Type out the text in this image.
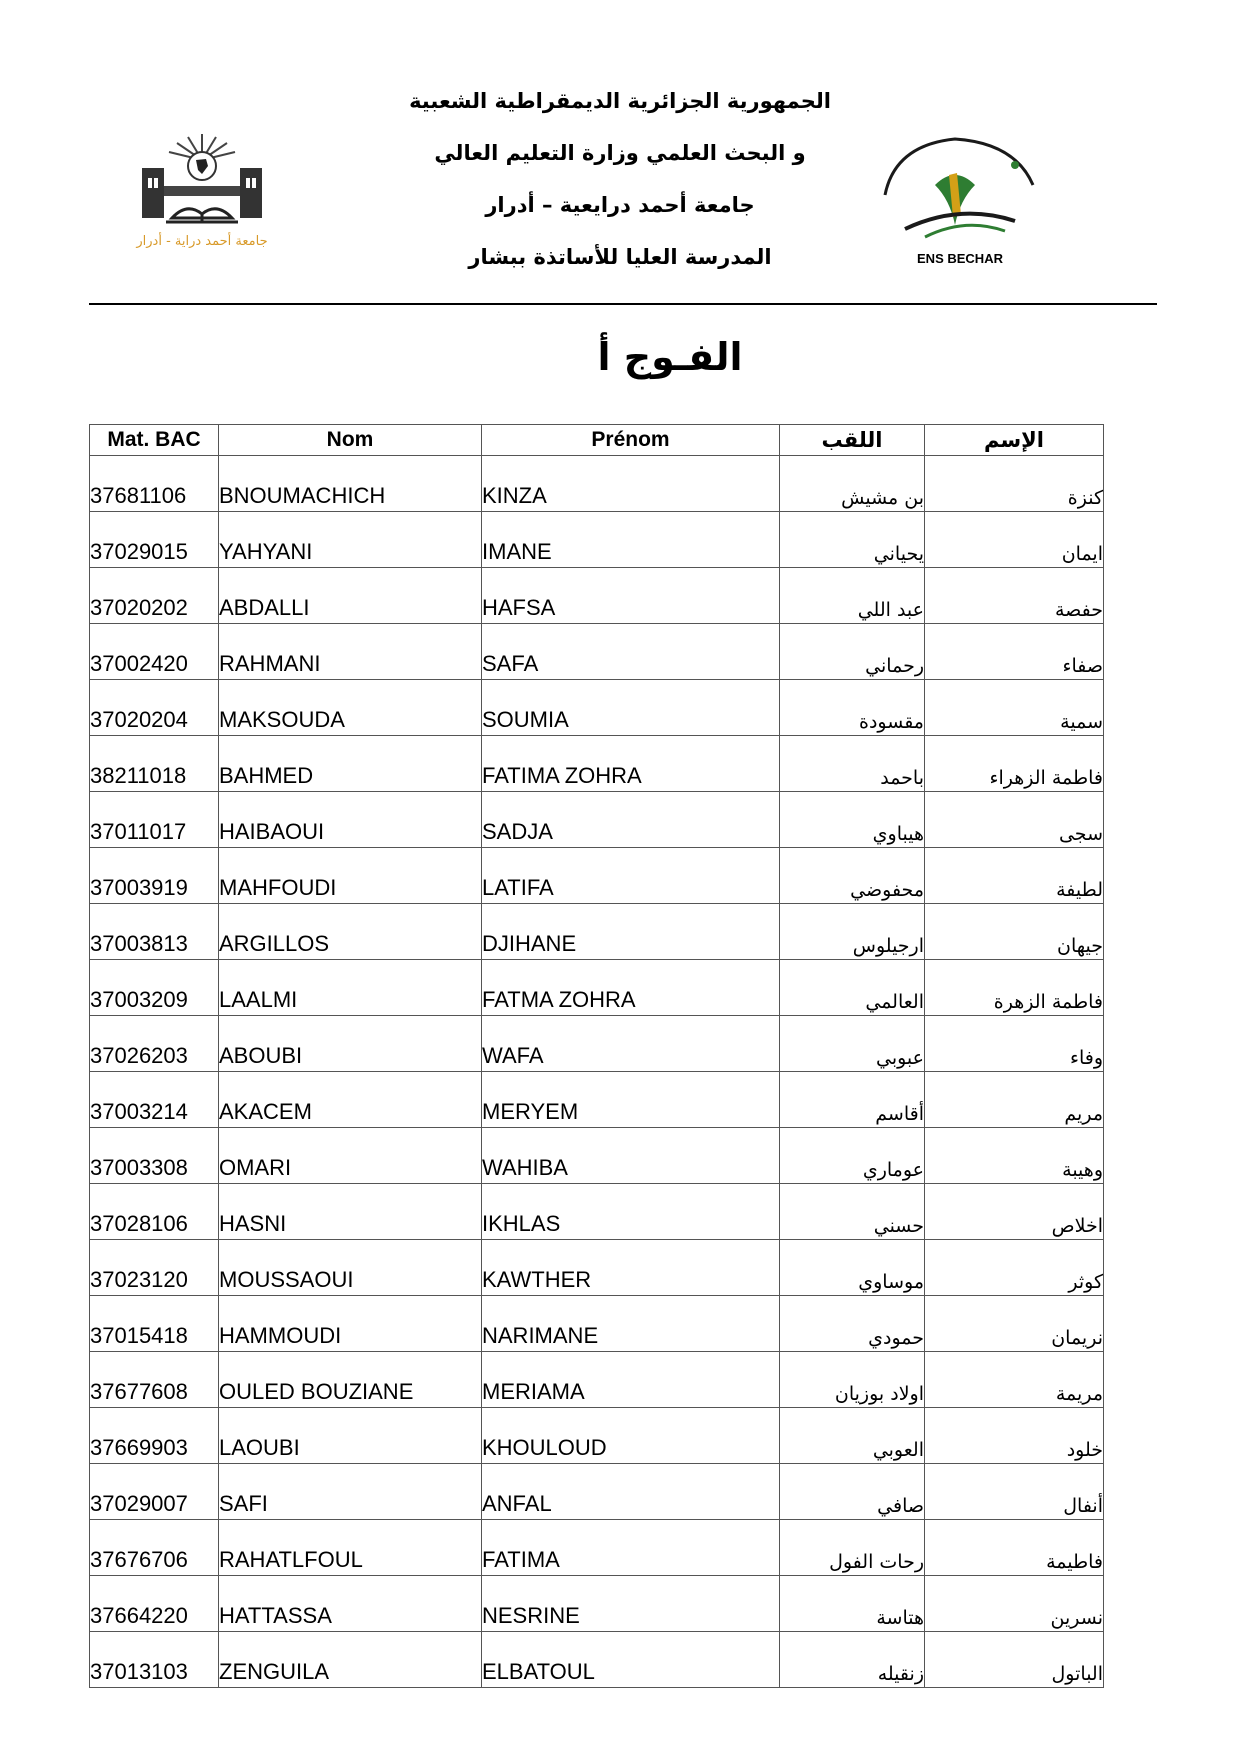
الجمهورية الجزائرية الديمقراطية الشعبية
و البحث العلمي وزارة التعليم العالي
جامعة أحمد درايعية – أدرار
المدرسة العليا للأساتذة ببشار
جامعة أحمد دراية - أدرار
ENS BECHAR
الفـوج أ
Mat. BAC	Nom	Prénom	اللقب	الإسم
37681106	BNOUMACHICH	KINZA	بن مشيش	كنزة
37029015	YAHYANI	IMANE	يحياني	ايمان
37020202	ABDALLI	HAFSA	عبد اللي	حفصة
37002420	RAHMANI	SAFA	رحماني	صفاء
37020204	MAKSOUDA	SOUMIA	مقسودة	سمية
38211018	BAHMED	FATIMA ZOHRA	باحمد	فاطمة الزهراء
37011017	HAIBAOUI	SADJA	هيباوي	سجى
37003919	MAHFOUDI	LATIFA	محفوضي	لطيفة
37003813	ARGILLOS	DJIHANE	ارجيلوس	جيهان
37003209	LAALMI	FATMA ZOHRA	العالمي	فاطمة الزهرة
37026203	ABOUBI	WAFA	عبوبي	وفاء
37003214	AKACEM	MERYEM	أقاسم	مريم
37003308	OMARI	WAHIBA	عوماري	وهيبة
37028106	HASNI	IKHLAS	حسني	اخلاص
37023120	MOUSSAOUI	KAWTHER	موساوي	كوثر
37015418	HAMMOUDI	NARIMANE	حمودي	نريمان
37677608	OULED BOUZIANE	MERIAMA	اولاد بوزيان	مريمة
37669903	LAOUBI	KHOULOUD	العوبي	خلود
37029007	SAFI	ANFAL	صافي	أنفال
37676706	RAHATLFOUL	FATIMA	رحات الفول	فاطيمة
37664220	HATTASSA	NESRINE	هتاسة	نسرين
37013103	ZENGUILA	ELBATOUL	زنقيله	الباتول
